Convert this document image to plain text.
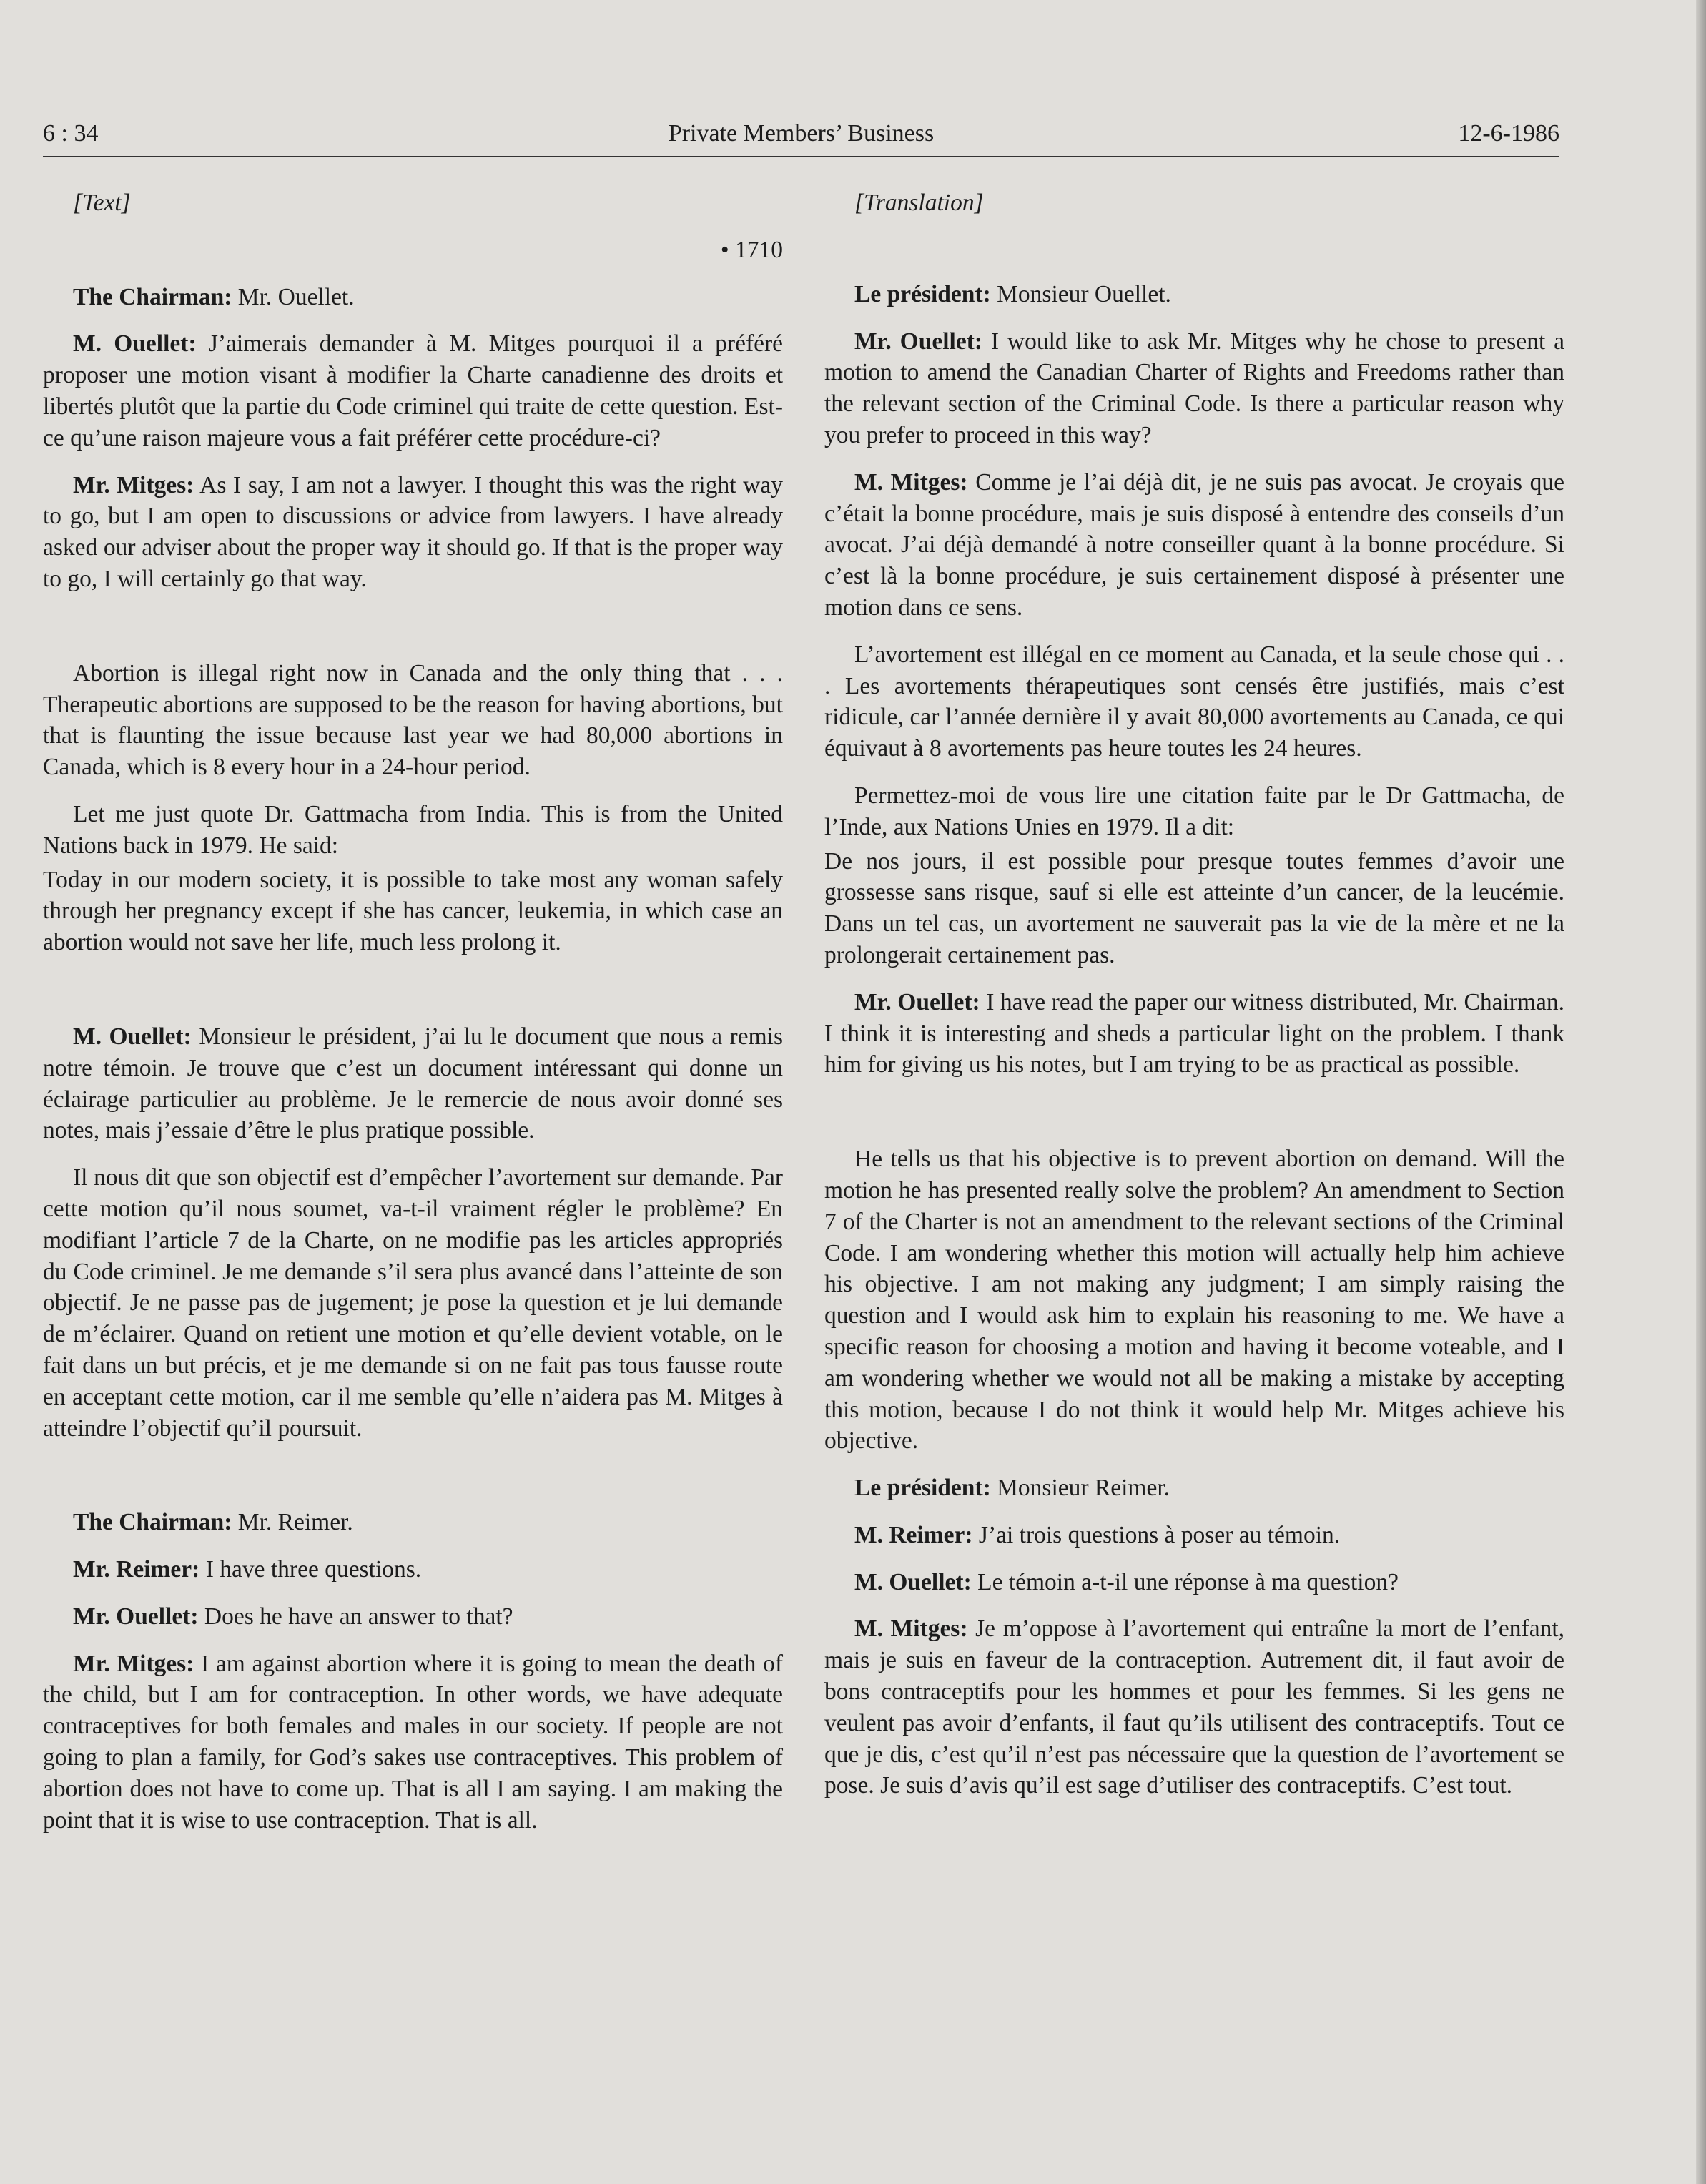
6 : 34	Private Members’ Business	12-6-1986

[Text]

• 1710

The Chairman: Mr. Ouellet.

M. Ouellet: J’aimerais demander à M. Mitges pourquoi il a préféré proposer une motion visant à modifier la Charte canadienne des droits et libertés plutôt que la partie du Code criminel qui traite de cette question. Est-ce qu’une raison majeure vous a fait préférer cette procédure-ci?

Mr. Mitges: As I say, I am not a lawyer. I thought this was the right way to go, but I am open to discussions or advice from lawyers. I have already asked our adviser about the proper way it should go. If that is the proper way to go, I will certainly go that way.

Abortion is illegal right now in Canada and the only thing that . . . Therapeutic abortions are supposed to be the reason for having abortions, but that is flaunting the issue because last year we had 80,000 abortions in Canada, which is 8 every hour in a 24-hour period.

Let me just quote Dr. Gattmacha from India. This is from the United Nations back in 1979. He said:

Today in our modern society, it is possible to take most any woman safely through her pregnancy except if she has cancer, leukemia, in which case an abortion would not save her life, much less prolong it.

M. Ouellet: Monsieur le président, j’ai lu le document que nous a remis notre témoin. Je trouve que c’est un document intéressant qui donne un éclairage particulier au problème. Je le remercie de nous avoir donné ses notes, mais j’essaie d’être le plus pratique possible.

Il nous dit que son objectif est d’empêcher l’avortement sur demande. Par cette motion qu’il nous soumet, va-t-il vraiment régler le problème? En modifiant l’article 7 de la Charte, on ne modifie pas les articles appropriés du Code criminel. Je me demande s’il sera plus avancé dans l’atteinte de son objectif. Je ne passe pas de jugement; je pose la question et je lui demande de m’éclairer. Quand on retient une motion et qu’elle devient votable, on le fait dans un but précis, et je me demande si on ne fait pas tous fausse route en acceptant cette motion, car il me semble qu’elle n’aidera pas M. Mitges à atteindre l’objectif qu’il poursuit.

The Chairman: Mr. Reimer.

Mr. Reimer: I have three questions.

Mr. Ouellet: Does he have an answer to that?

Mr. Mitges: I am against abortion where it is going to mean the death of the child, but I am for contraception. In other words, we have adequate contraceptives for both females and males in our society. If people are not going to plan a family, for God’s sakes use contraceptives. This problem of abortion does not have to come up. That is all I am saying. I am making the point that it is wise to use contraception. That is all.

[Translation]

Le président: Monsieur Ouellet.

Mr. Ouellet: I would like to ask Mr. Mitges why he chose to present a motion to amend the Canadian Charter of Rights and Freedoms rather than the relevant section of the Criminal Code. Is there a particular reason why you prefer to proceed in this way?

M. Mitges: Comme je l’ai déjà dit, je ne suis pas avocat. Je croyais que c’était la bonne procédure, mais je suis disposé à entendre des conseils d’un avocat. J’ai déjà demandé à notre conseiller quant à la bonne procédure. Si c’est là la bonne procédure, je suis certainement disposé à présenter une motion dans ce sens.

L’avortement est illégal en ce moment au Canada, et la seule chose qui . . . Les avortements thérapeutiques sont censés être justifiés, mais c’est ridicule, car l’année dernière il y avait 80,000 avortements au Canada, ce qui équivaut à 8 avortements pas heure toutes les 24 heures.

Permettez-moi de vous lire une citation faite par le Dr Gattmacha, de l’Inde, aux Nations Unies en 1979. Il a dit:

De nos jours, il est possible pour presque toutes femmes d’avoir une grossesse sans risque, sauf si elle est atteinte d’un cancer, de la leucémie. Dans un tel cas, un avortement ne sauverait pas la vie de la mère et ne la prolongerait certainement pas.

Mr. Ouellet: I have read the paper our witness distributed, Mr. Chairman. I think it is interesting and sheds a particular light on the problem. I thank him for giving us his notes, but I am trying to be as practical as possible.

He tells us that his objective is to prevent abortion on demand. Will the motion he has presented really solve the problem? An amendment to Section 7 of the Charter is not an amendment to the relevant sections of the Criminal Code. I am wondering whether this motion will actually help him achieve his objective. I am not making any judgment; I am simply raising the question and I would ask him to explain his reasoning to me. We have a specific reason for choosing a motion and having it become voteable, and I am wondering whether we would not all be making a mistake by accepting this motion, because I do not think it would help Mr. Mitges achieve his objective.

Le président: Monsieur Reimer.

M. Reimer: J’ai trois questions à poser au témoin.

M. Ouellet: Le témoin a-t-il une réponse à ma question?

M. Mitges: Je m’oppose à l’avortement qui entraîne la mort de l’enfant, mais je suis en faveur de la contraception. Autrement dit, il faut avoir de bons contraceptifs pour les hommes et pour les femmes. Si les gens ne veulent pas avoir d’enfants, il faut qu’ils utilisent des contraceptifs. Tout ce que je dis, c’est qu’il n’est pas nécessaire que la question de l’avortement se pose. Je suis d’avis qu’il est sage d’utiliser des contraceptifs. C’est tout.
